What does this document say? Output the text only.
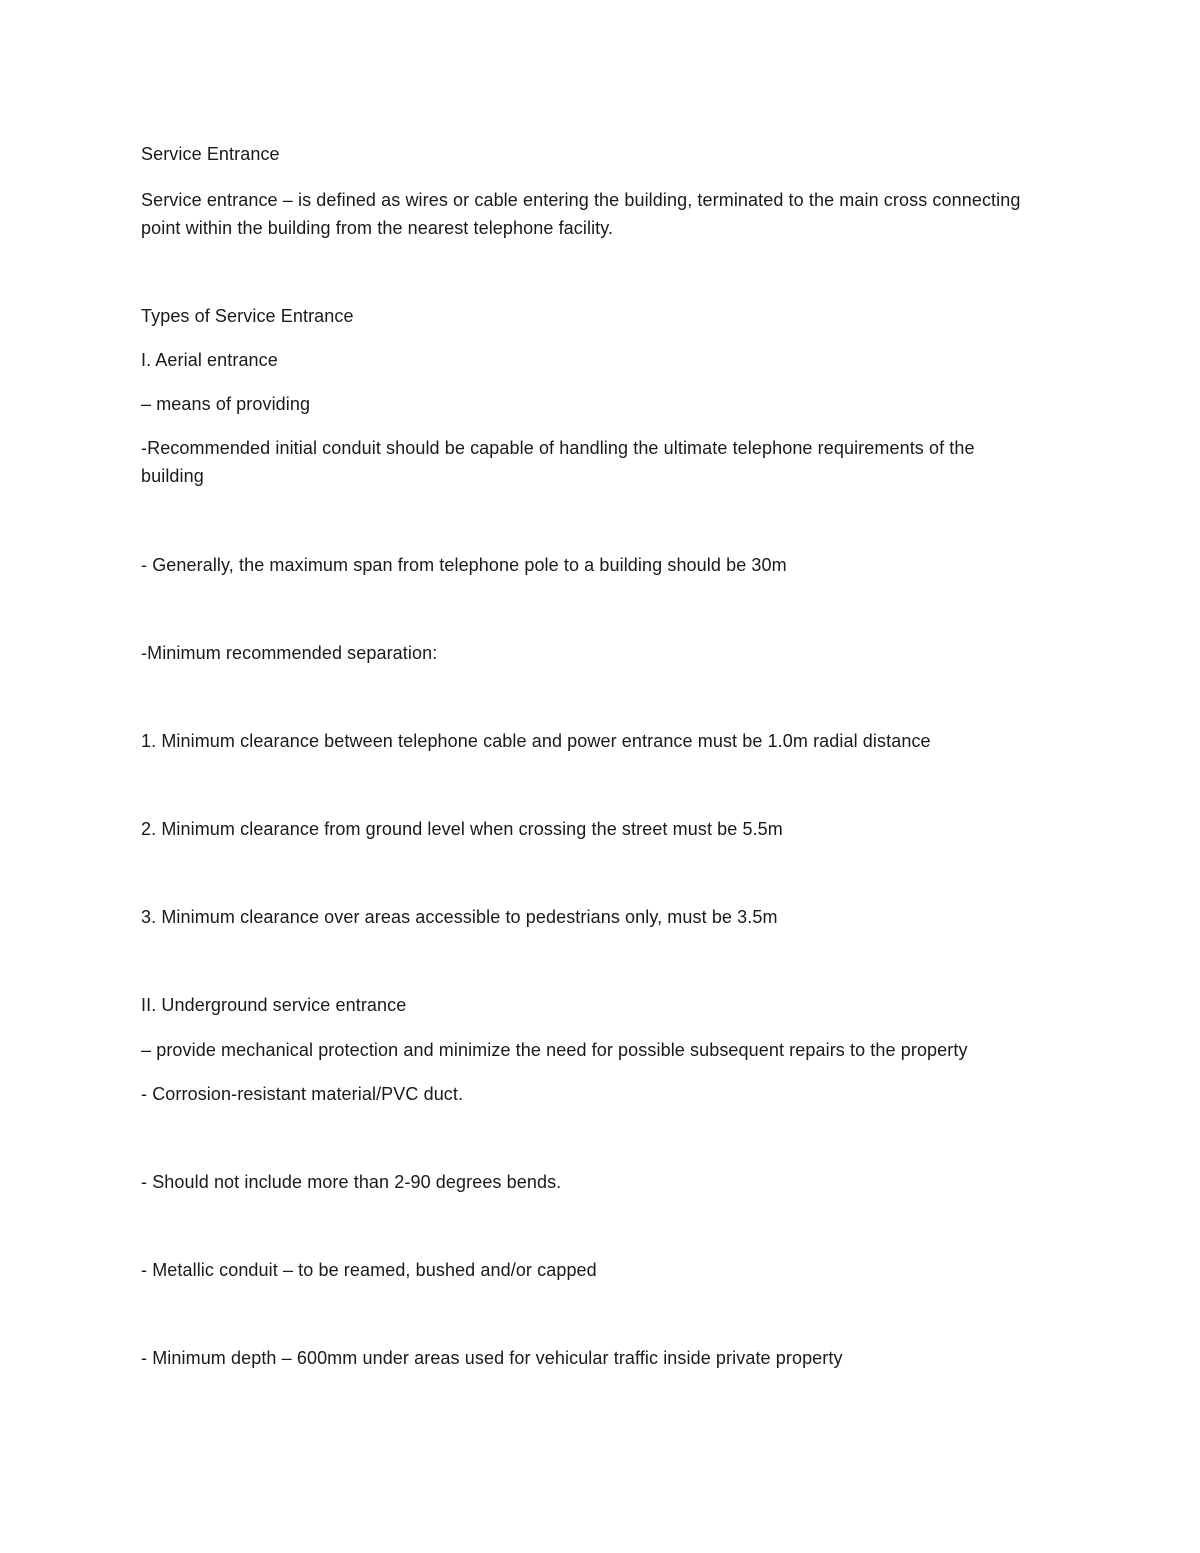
Service Entrance
Service entrance – is defined as wires or cable entering the building, terminated to the main cross connecting point within the building from the nearest telephone facility.
Types of Service Entrance
I. Aerial entrance
– means of providing
-Recommended initial conduit should be capable of handling the ultimate telephone requirements of the building
- Generally, the maximum span from telephone pole to a building should be 30m
-Minimum recommended separation:
1. Minimum clearance between telephone cable and power entrance must be 1.0m radial distance
2. Minimum clearance from ground level when crossing the street must be 5.5m
3. Minimum clearance over areas accessible to pedestrians only, must be 3.5m
II. Underground service entrance
– provide mechanical protection and minimize the need for possible subsequent repairs to the property
- Corrosion-resistant material/PVC duct.
- Should not include more than 2-90 degrees bends.
- Metallic conduit – to be reamed, bushed and/or capped
- Minimum depth – 600mm under areas used for vehicular traffic inside private property
